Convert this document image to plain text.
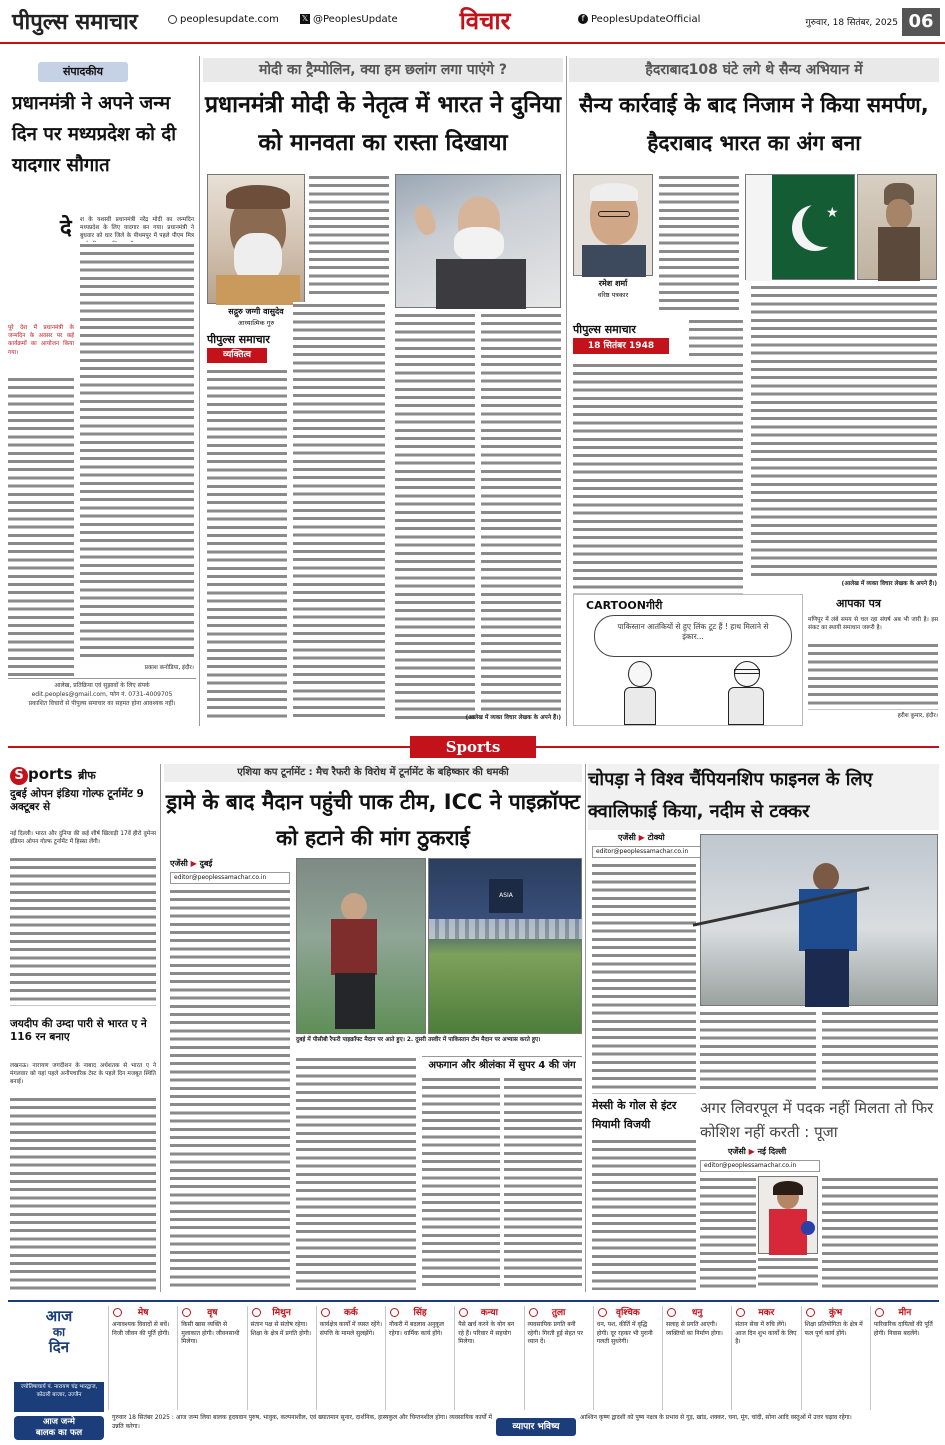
पीपुल्स समाचार	peoplesupdate.com	𝕏 @PeoplesUpdate	विचार	f PeoplesUpdateOfficial	गुरुवार, 18 सितंबर, 2025 06
संपादकीय
प्रधानमंत्री ने अपने जन्म दिन पर मध्यप्रदेश को दी यादगार सौगात
दे	श के यशस्वी प्रधानमंत्री नरेंद्र मोदी का जन्मदिन मध्यप्रदेश के लिए यादगार बन गया। प्रधानमंत्री ने बुधवार को धार जिले के पीथमपुर में पहले पीएम मित्र
पूरे देश में प्रधानमंत्री के जन्मदिन के अवसर पर कई कार्यक्रमों का आयोजन किया गया।
प्रकाश कनोडिया, इंदौर।
आलेख, प्रतिक्रिया एवं सुझावों के लिए संपर्क
edit.peoples@gmail.com, फोन नं. 0731-4009705
प्रकाशित विचारों से पीपुल्स समाचार का सहमत होना आवश्यक नहीं।
मोदी का ट्रैम्पोलिन, क्या हम छलांग लगा पाएंगे ?
प्रधानमंत्री मोदी के नेतृत्व में भारत ने दुनिया को मानवता का रास्ता दिखाया
सद्गुरु जग्गी वासुदेव
आध्यात्मिक गुरु
पीपुल्स समाचार
व्यक्तित्व
(आलेख में व्यक्त विचार लेखक के अपने हैं।)
हैदराबाद108 घंटे लगे थे सैन्य अभियान में
सैन्य कार्रवाई के बाद निजाम ने किया समर्पण, हैदराबाद भारत का अंग बना
रमेश शर्मा
वरिष्ठ पत्रकार
★
पीपुल्स समाचार
18 सितंबर 1948
(आलेख में व्यक्त विचार लेखक के अपने हैं।)
CARTOONगीरी
पाकिस्तान आतंकियों से हुए लिंक टूट हैं ! हाथ मिलाने से इंकार...
आपका पत्र
मणिपुर में लंबे समय से चल रहा संघर्ष अब भी जारी है। इस संकट का स्थायी समाधान जरूरी है।
हरीश कुमार, इंदौर।
Sports
S ports ब्रीफ
दुबई ओपन इंडिया गोल्फ टूर्नामेंट 9 अक्टूबर से
नई दिल्ली। भारत और दुनिया की कई शीर्ष खिलाड़ी 17वें हीरो वुमेन्स इंडियन ओपन गोल्फ टूर्नामेंट में हिस्सा लेंगी।
जयदीप की उम्दा पारी से भारत ए ने 116 रन बनाए
लखनऊ। नारायण जगदीशन के नाबाद अर्धशतक से भारत ए ने मंगलवार को यहां पहले अनौपचारिक टेस्ट के पहले दिन मजबूत स्थिति बनाई।
एशिया कप टूर्नामेंट : मैच रैफरी के विरोध में टूर्नामेंट के बहिष्कार की धमकी
ड्रामे के बाद मैदान पहुंची पाक टीम, ICC ने पाइक्रॉफ्ट को हटाने की मांग ठुकराई
एजेंसी ▶ दुबई
editor@peoplessamachar.co.in
ASIA
दुबई में पीसीबी रैफरी पाइक्रॉफ्ट मैदान पर आते हुए। 2. दूसरी तस्वीर में पाकिस्तान टीम मैदान पर अभ्यास करते हुए।
अफगान और श्रीलंका में सुपर 4 की जंग
चोपड़ा ने विश्व चैंपियनशिप फाइनल के लिए क्वालिफाई किया, नदीम से टक्कर
एजेंसी ▶ टोक्यो
editor@peoplessamachar.co.in
मेस्सी के गोल से इंटर मियामी विजयी
अगर लिवरपूल में पदक नहीं मिलता तो फिर कोशिश नहीं करती : पूजा
एजेंसी ▶ नई दिल्ली
editor@peoplessamachar.co.in
आज
का
दिन
ज्योतिषाचार्य पं. नारायण चंद्र भारद्वाज, कोठारी बाजार, उज्जैन
आज जन्मे
बालक का फल
मेष
अनावश्यक विवादों से बचें। निजी जीवन की पूर्ति होगी।
वृष
किसी खास व्यक्ति से मुलाकात होगी। जीवनसाथी मिलेगा।
मिथुन
संतान पक्ष से संतोष रहेगा। शिक्षा के क्षेत्र में प्रगति होगी।
कर्क
कार्यक्षेत्र कार्यों में व्यस्त रहेंगे। संपत्ति के मामले सुलझेंगे।
सिंह
नौकरी में बदलाव अनुकूल रहेगा। धार्मिक कार्य होंगे।
कन्या
पैसे खर्च करने के योग बन रहे हैं। परिवार में सहयोग मिलेगा।
तुला
व्यवसायिक प्रगति बनी रहेगी। गिरती हुई सेहत पर ध्यान दें।
वृश्चिक
धन, यश, कीर्ति में वृद्धि होगी। दूर रहकर भी पुरानी गलती सुधरेगी।
धनु
सलाह से प्रगति आएगी। व्यक्तियों का निर्माण होगा।
मकर
संतान सेवा में रुचि लेंगे। आज दिन शुभ कार्यों के लिए है।
कुंभ
शिक्षा प्रतियोगिता के क्षेत्र में फल पूर्ण कार्य होंगे।
मीन
पारिवारिक दायित्वों की पूर्ति होगी। निवास बदलेंगे।
गुरुवार 18 सितंबर 2025 : आज जन्म लिया बालक हृदयवान पुरुष, भावुक, कल्पनाशील, एवं ख्यातमान सुनार, दार्शनिक, हास्यकुल और चिन्तनशील होगा। व्यवसायिक कार्यों में उन्नति करेगा।	व्यापार भविष्य
आश्विन कृष्ण द्वादशी को पुष्य नक्षत्र के प्रभाव से गुड़, खांड, शक्कर, चना, मूंग, चांदी, सोना आदि वस्तुओं में उत्तर चढ़ाव रहेगा।
